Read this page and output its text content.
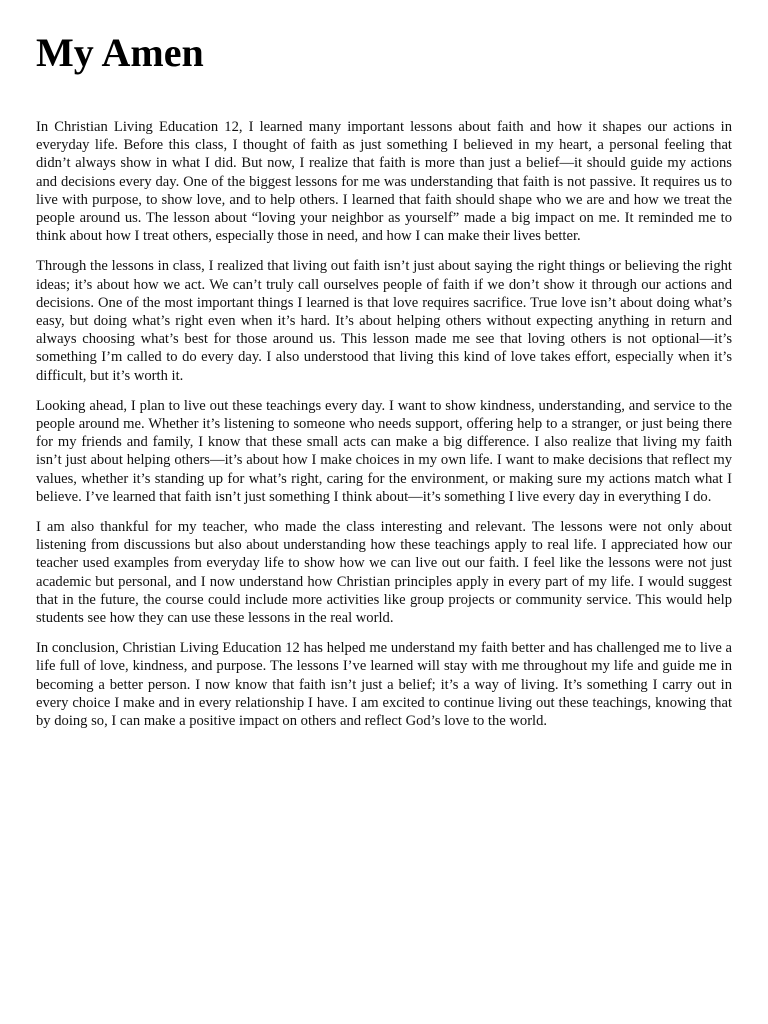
My Amen

In Christian Living Education 12, I learned many important lessons about faith and how it shapes our actions in everyday life. Before this class, I thought of faith as just something I believed in my heart, a personal feeling that didn’t always show in what I did. But now, I realize that faith is more than just a belief—it should guide my actions and decisions every day. One of the biggest lessons for me was understanding that faith is not passive. It requires us to live with purpose, to show love, and to help others. I learned that faith should shape who we are and how we treat the people around us. The lesson about “loving your neighbor as yourself” made a big impact on me. It reminded me to think about how I treat others, especially those in need, and how I can make their lives better.

Through the lessons in class, I realized that living out faith isn’t just about saying the right things or believing the right ideas; it’s about how we act. We can’t truly call ourselves people of faith if we don’t show it through our actions and decisions. One of the most important things I learned is that love requires sacrifice. True love isn’t about doing what’s easy, but doing what’s right even when it’s hard. It’s about helping others without expecting anything in return and always choosing what’s best for those around us. This lesson made me see that loving others is not optional—it’s something I’m called to do every day. I also understood that living this kind of love takes effort, especially when it’s difficult, but it’s worth it.

Looking ahead, I plan to live out these teachings every day. I want to show kindness, understanding, and service to the people around me. Whether it’s listening to someone who needs support, offering help to a stranger, or just being there for my friends and family, I know that these small acts can make a big difference. I also realize that living my faith isn’t just about helping others—it’s about how I make choices in my own life. I want to make decisions that reflect my values, whether it’s standing up for what’s right, caring for the environment, or making sure my actions match what I believe. I’ve learned that faith isn’t just something I think about—it’s something I live every day in everything I do.

I am also thankful for my teacher, who made the class interesting and relevant. The lessons were not only about listening from discussions but also about understanding how these teachings apply to real life. I appreciated how our teacher used examples from everyday life to show how we can live out our faith. I feel like the lessons were not just academic but personal, and I now understand how Christian principles apply in every part of my life. I would suggest that in the future, the course could include more activities like group projects or community service. This would help students see how they can use these lessons in the real world.

In conclusion, Christian Living Education 12 has helped me understand my faith better and has challenged me to live a life full of love, kindness, and purpose. The lessons I’ve learned will stay with me throughout my life and guide me in becoming a better person. I now know that faith isn’t just a belief; it’s a way of living. It’s something I carry out in every choice I make and in every relationship I have. I am excited to continue living out these teachings, knowing that by doing so, I can make a positive impact on others and reflect God’s love to the world.
